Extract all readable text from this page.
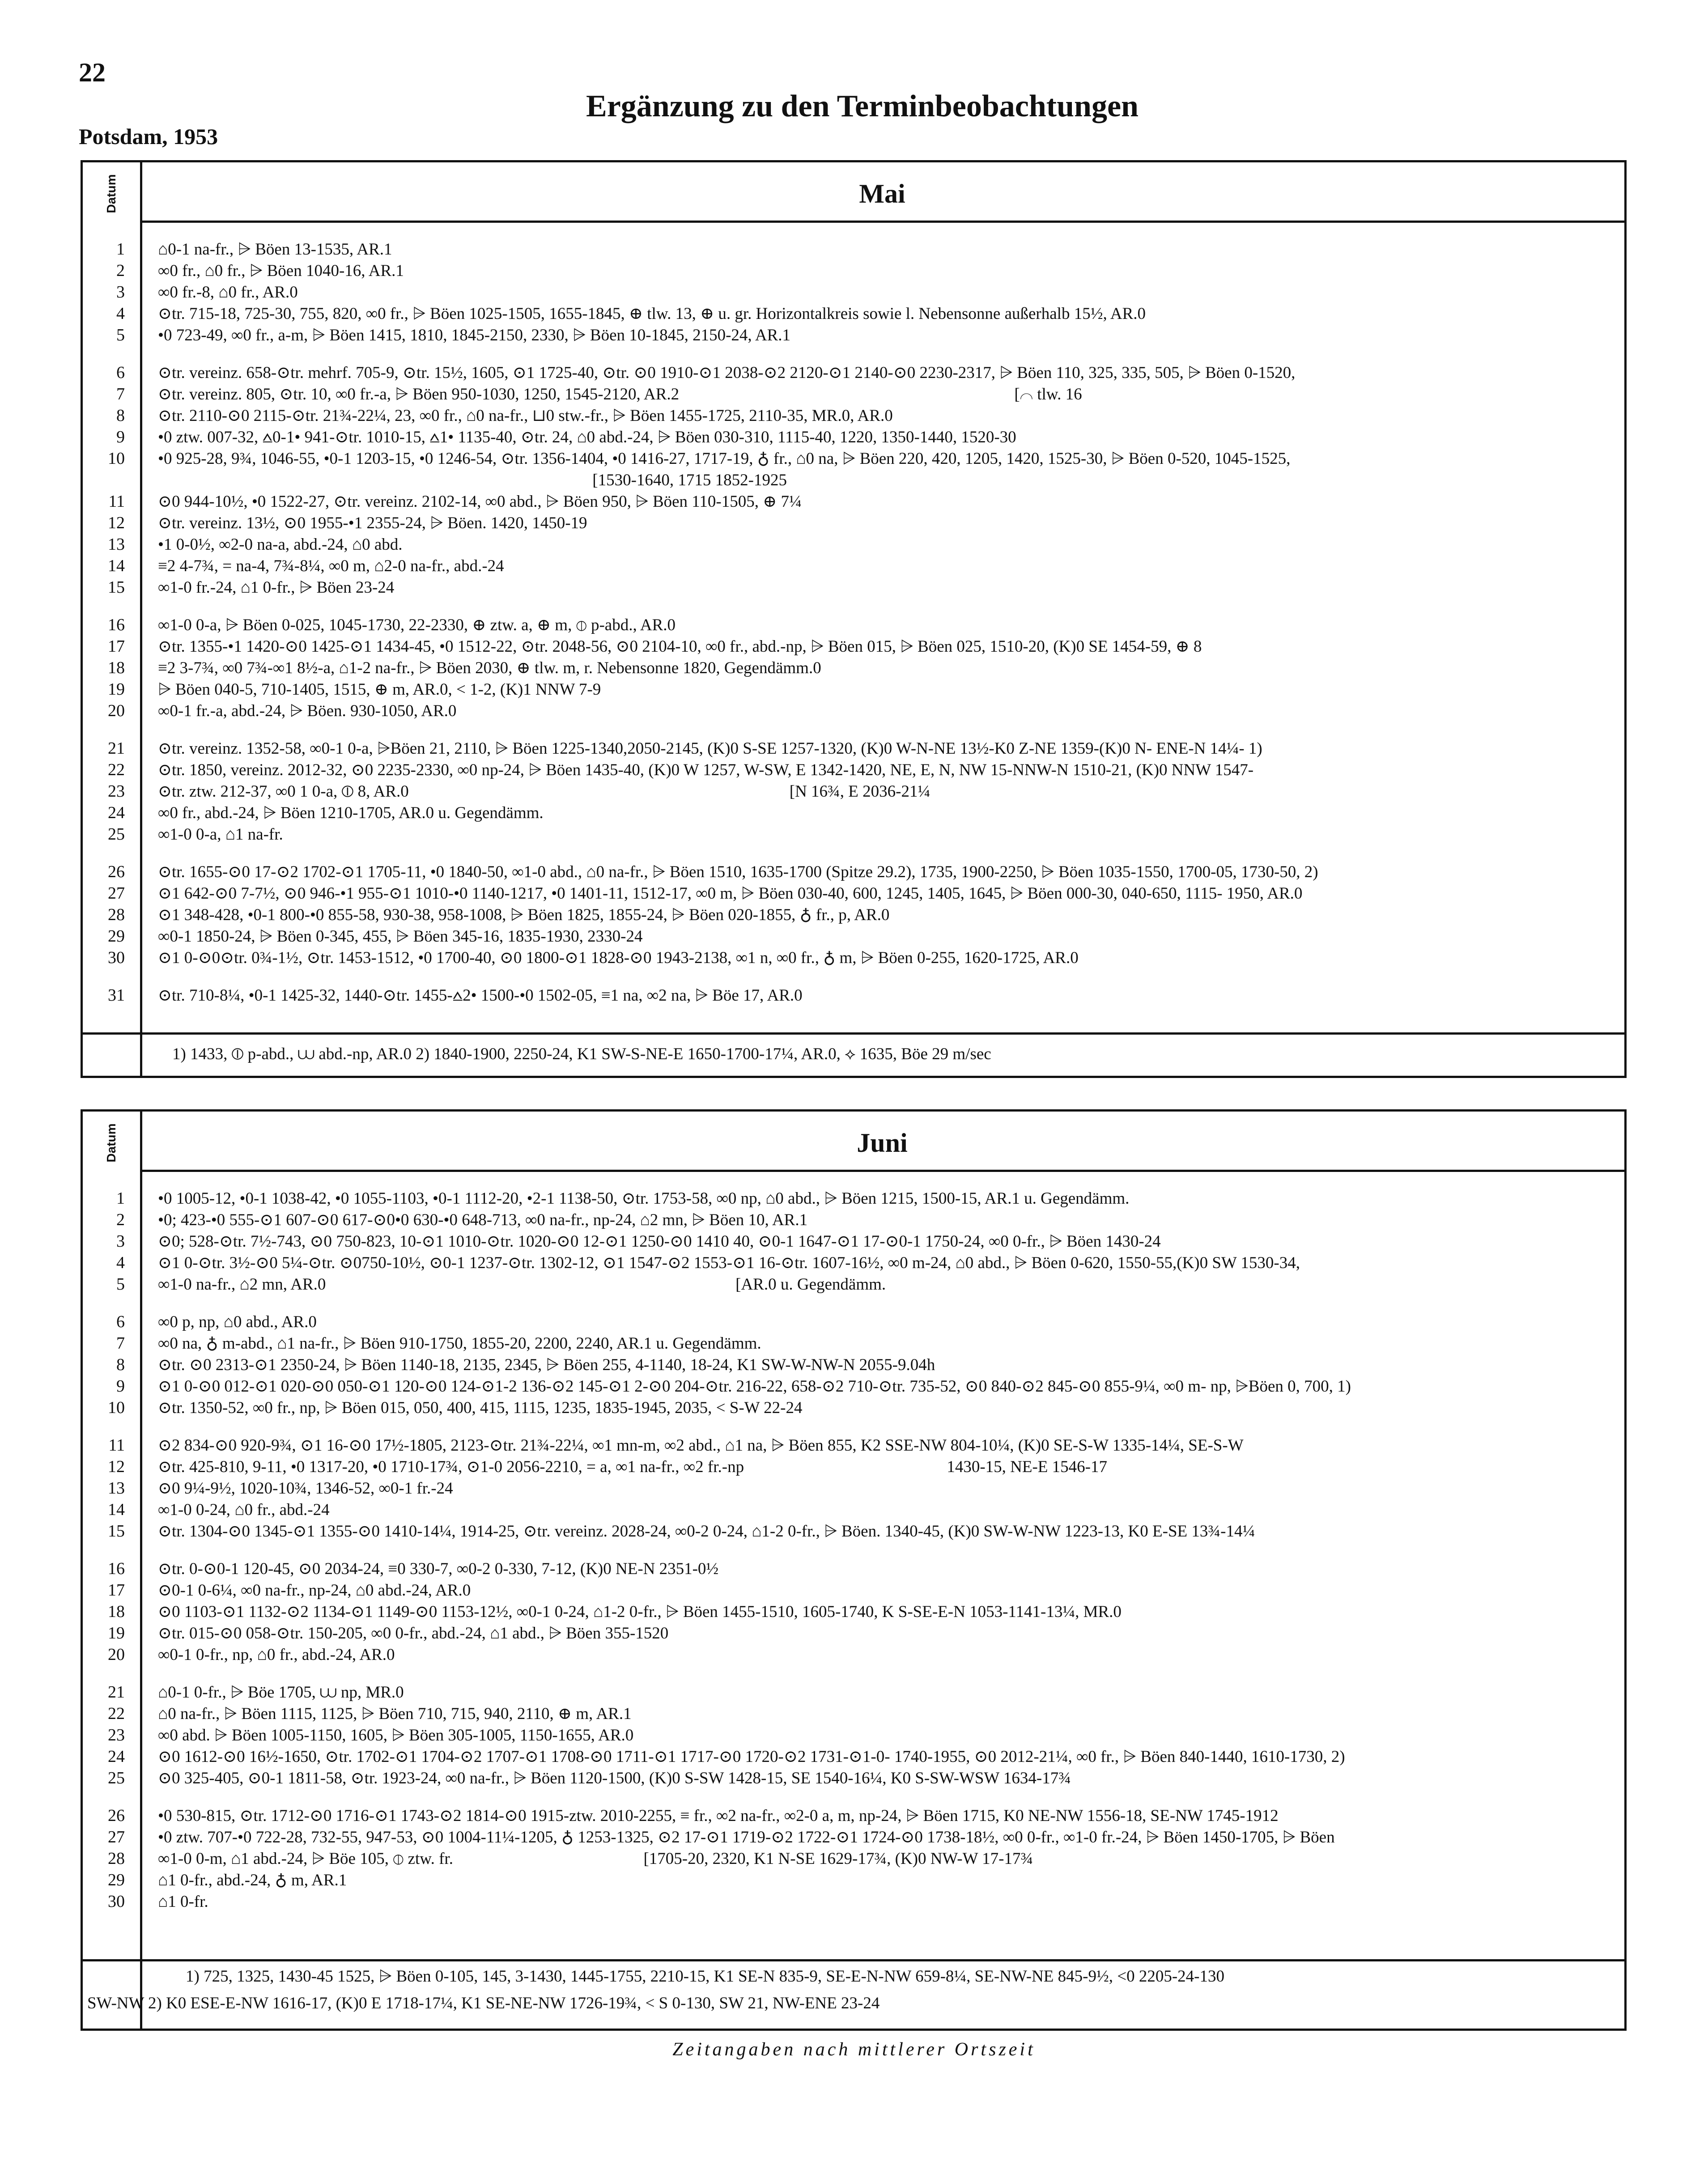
22
Potsdam, 1953
Ergänzung zu den Terminbeobachtungen
Datum	Mai
1	⌂0-1 na-fr., ⩥ Böen 13-1535, AR.1
2	∞0 fr., ⌂0 fr., ⩥ Böen 1040-16, AR.1
3	∞0 fr.-8, ⌂0 fr., AR.0
4	⊙tr. 715-18, 725-30, 755, 820, ∞0 fr., ⩥ Böen 1025-1505, 1655-1845, ⊕ tlw. 13, ⊕ u. gr. Horizontalkreis sowie l. Nebensonne außerhalb 15½, AR.0
5	•0 723-49, ∞0 fr., a-m, ⩥ Böen 1415, 1810, 1845-2150, 2330, ⩥ Böen 10-1845, 2150-24, AR.1
6	⊙tr. vereinz. 658-⊙tr. mehrf. 705-9, ⊙tr. 15½, 1605, ⊙1 1725-40, ⊙tr. ⊙0 1910-⊙1 2038-⊙2 2120-⊙1 2140-⊙0 2230-2317, ⩥ Böen 110, 325, 335, 505, ⩥ Böen 0-1520,
7	⊙tr. vereinz. 805, ⊙tr. 10, ∞0 fr.-a, ⩥ Böen 950-1030, 1250, 1545-2120, AR.2                                                                                 [⌒ tlw. 16
8	⊙tr. 2110-⊙0 2115-⊙tr. 21¾-22¼, 23, ∞0 fr., ⌂0 na-fr., ⊔0 stw.-fr., ⩥ Böen 1455-1725, 2110-35, MR.0, AR.0
9	•0 ztw. 007-32, ⩟0-1• 941-⊙tr. 1010-15, ⩟1• 1135-40, ⊙tr. 24, ⌂0 abd.-24, ⩥ Böen 030-310, 1115-40, 1220, 1350-1440, 1520-30
10	•0 925-28, 9¾, 1046-55, •0-1 1203-15, •0 1246-54, ⊙tr. 1356-1404, •0 1416-27, 1717-19, ♁ fr., ⌂0 na, ⩥ Böen 220, 420, 1205, 1420, 1525-30, ⩥ Böen 0-520, 1045-1525,
[1530-1640, 1715 1852-1925
11	⊙0 944-10½, •0 1522-27, ⊙tr. vereinz. 2102-14, ∞0 abd., ⩥ Böen 950, ⩥ Böen 110-1505, ⊕ 7¼
12	⊙tr. vereinz. 13½, ⊙0 1955-•1 2355-24, ⩥ Böen. 1420, 1450-19
13	•1 0-0½, ∞2-0 na-a, abd.-24, ⌂0 abd.
14	≡2 4-7¾, = na-4, 7¾-8¼, ∞0 m, ⌂2-0 na-fr., abd.-24
15	∞1-0 fr.-24, ⌂1 0-fr., ⩥ Böen 23-24
16	∞1-0 0-a, ⩥ Böen 0-025, 1045-1730, 22-2330, ⊕ ztw. a, ⊕ m, ⦶ p-abd., AR.0
17	⊙tr. 1355-•1 1420-⊙0 1425-⊙1 1434-45, •0 1512-22, ⊙tr. 2048-56, ⊙0 2104-10, ∞0 fr., abd.-np, ⩥ Böen 015, ⩥ Böen 025, 1510-20, (K)0 SE 1454-59, ⊕ 8
18	≡2 3-7¾, ∞0 7¾-∞1 8½-a, ⌂1-2 na-fr., ⩥ Böen 2030, ⊕ tlw. m, r. Nebensonne 1820, Gegendämm.0
19	⩥ Böen 040-5, 710-1405, 1515, ⊕ m, AR.0, < 1-2, (K)1 NNW 7-9
20	∞0-1 fr.-a, abd.-24, ⩥ Böen. 930-1050, AR.0
21	⊙tr. vereinz. 1352-58, ∞0-1 0-a, ⩥Böen 21, 2110, ⩥ Böen 1225-1340,2050-2145, (K)0 S-SE 1257-1320, (K)0 W-N-NE 13½-K0 Z-NE 1359-(K)0 N- ENE-N 14¼- 1)
22	⊙tr. 1850, vereinz. 2012-32, ⊙0 2235-2330, ∞0 np-24, ⩥ Böen 1435-40, (K)0 W 1257, W-SW, E 1342-1420, NE, E, N, NW 15-NNW-N 1510-21, (K)0 NNW 1547-
23	⊙tr. ztw. 212-37, ∞0 1 0-a, ⦶ 8, AR.0                                                                                            [N 16¾, E 2036-21¼
24	∞0 fr., abd.-24, ⩥ Böen 1210-1705, AR.0 u. Gegendämm.
25	∞1-0 0-a, ⌂1 na-fr.
26	⊙tr. 1655-⊙0 17-⊙2 1702-⊙1 1705-11, •0 1840-50, ∞1-0 abd., ⌂0 na-fr., ⩥ Böen 1510, 1635-1700 (Spitze 29.2), 1735, 1900-2250, ⩥ Böen 1035-1550, 1700-05, 1730-50, 2)
27	⊙1 642-⊙0 7-7½, ⊙0 946-•1 955-⊙1 1010-•0 1140-1217, •0 1401-11, 1512-17, ∞0 m, ⩥ Böen 030-40, 600, 1245, 1405, 1645, ⩥ Böen 000-30, 040-650, 1115- 1950, AR.0
28	⊙1 348-428, •0-1 800-•0 855-58, 930-38, 958-1008, ⩥ Böen 1825, 1855-24, ⩥ Böen 020-1855, ♁ fr., p, AR.0
29	∞0-1 1850-24, ⩥ Böen 0-345, 455, ⩥ Böen 345-16, 1835-1930, 2330-24
30	⊙1 0-⊙0⊙tr. 0¾-1½, ⊙tr. 1453-1512, •0 1700-40, ⊙0 1800-⊙1 1828-⊙0 1943-2138, ∞1 n, ∞0 fr., ♁ m, ⩥ Böen 0-255, 1620-1725, AR.0
31	⊙tr. 710-8¼, •0-1 1425-32, 1440-⊙tr. 1455-⩟2• 1500-•0 1502-05, ≡1 na, ∞2 na, ⩥ Böe 17, AR.0
1) 1433, ⦶ p-abd., ⩊ abd.-np, AR.0 2) 1840-1900, 2250-24, K1 SW-S-NE-E 1650-1700-17¼, AR.0, ⟡ 1635, Böe 29 m/sec
Datum	Juni
1	•0 1005-12, •0-1 1038-42, •0 1055-1103, •0-1 1112-20, •2-1 1138-50, ⊙tr. 1753-58, ∞0 np, ⌂0 abd., ⩥ Böen 1215, 1500-15, AR.1 u. Gegendämm.
2	•0; 423-•0 555-⊙1 607-⊙0 617-⊙0•0 630-•0 648-713, ∞0 na-fr., np-24, ⌂2 mn, ⩥ Böen 10, AR.1
3	⊙0; 528-⊙tr. 7½-743, ⊙0 750-823, 10-⊙1 1010-⊙tr. 1020-⊙0 12-⊙1 1250-⊙0 1410 40, ⊙0-1 1647-⊙1 17-⊙0-1 1750-24, ∞0 0-fr., ⩥ Böen 1430-24
4	⊙1 0-⊙tr. 3½-⊙0 5¼-⊙tr. ⊙0750-10½, ⊙0-1 1237-⊙tr. 1302-12, ⊙1 1547-⊙2 1553-⊙1 16-⊙tr. 1607-16½, ∞0 m-24, ⌂0 abd., ⩥ Böen 0-620, 1550-55,(K)0 SW 1530-34,
5	∞1-0 na-fr., ⌂2 mn, AR.0                                                                                                   [AR.0 u. Gegendämm.
6	∞0 p, np, ⌂0 abd., AR.0
7	∞0 na, ♁ m-abd., ⌂1 na-fr., ⩥ Böen 910-1750, 1855-20, 2200, 2240, AR.1 u. Gegendämm.
8	⊙tr. ⊙0 2313-⊙1 2350-24, ⩥ Böen 1140-18, 2135, 2345, ⩥ Böen 255, 4-1140, 18-24, K1 SW-W-NW-N 2055-9.04h
9	⊙1 0-⊙0 012-⊙1 020-⊙0 050-⊙1 120-⊙0 124-⊙1-2 136-⊙2 145-⊙1 2-⊙0 204-⊙tr. 216-22, 658-⊙2 710-⊙tr. 735-52, ⊙0 840-⊙2 845-⊙0 855-9¼, ∞0 m- np, ⩥Böen 0, 700, 1)
10	⊙tr. 1350-52, ∞0 fr., np, ⩥ Böen 015, 050, 400, 415, 1115, 1235, 1835-1945, 2035, < S-W 22-24
11	⊙2 834-⊙0 920-9¾, ⊙1 16-⊙0 17½-1805, 2123-⊙tr. 21¾-22¼, ∞1 mn-m, ∞2 abd., ⌂1 na, ⩥ Böen 855, K2 SSE-NW 804-10¼, (K)0 SE-S-W 1335-14¼, SE-S-W
12	⊙tr. 425-810, 9-11, •0 1317-20, •0 1710-17¾, ⊙1-0 2056-2210, = a, ∞1 na-fr., ∞2 fr.-np                                                 1430-15, NE-E 1546-17
13	⊙0 9¼-9½, 1020-10¾, 1346-52, ∞0-1 fr.-24
14	∞1-0 0-24, ⌂0 fr., abd.-24
15	⊙tr. 1304-⊙0 1345-⊙1 1355-⊙0 1410-14¼, 1914-25, ⊙tr. vereinz. 2028-24, ∞0-2 0-24, ⌂1-2 0-fr., ⩥ Böen. 1340-45, (K)0 SW-W-NW 1223-13, K0 E-SE 13¾-14¼
16	⊙tr. 0-⊙0-1 120-45, ⊙0 2034-24, ≡0 330-7, ∞0-2 0-330, 7-12, (K)0 NE-N 2351-0½
17	⊙0-1 0-6¼, ∞0 na-fr., np-24, ⌂0 abd.-24, AR.0
18	⊙0 1103-⊙1 1132-⊙2 1134-⊙1 1149-⊙0 1153-12½, ∞0-1 0-24, ⌂1-2 0-fr., ⩥ Böen 1455-1510, 1605-1740, K S-SE-E-N 1053-1141-13¼, MR.0
19	⊙tr. 015-⊙0 058-⊙tr. 150-205, ∞0 0-fr., abd.-24, ⌂1 abd., ⩥ Böen 355-1520
20	∞0-1 0-fr., np, ⌂0 fr., abd.-24, AR.0
21	⌂0-1 0-fr., ⩥ Böe 1705, ⩊ np, MR.0
22	⌂0 na-fr., ⩥ Böen 1115, 1125, ⩥ Böen 710, 715, 940, 2110, ⊕ m, AR.1
23	∞0 abd. ⩥ Böen 1005-1150, 1605, ⩥ Böen 305-1005, 1150-1655, AR.0
24	⊙0 1612-⊙0 16½-1650, ⊙tr. 1702-⊙1 1704-⊙2 1707-⊙1 1708-⊙0 1711-⊙1 1717-⊙0 1720-⊙2 1731-⊙1-0- 1740-1955, ⊙0 2012-21¼, ∞0 fr., ⩥ Böen 840-1440, 1610-1730, 2)
25	⊙0 325-405, ⊙0-1 1811-58, ⊙tr. 1923-24, ∞0 na-fr., ⩥ Böen 1120-1500, (K)0 S-SW 1428-15, SE 1540-16¼, K0 S-SW-WSW 1634-17¾
26	•0 530-815, ⊙tr. 1712-⊙0 1716-⊙1 1743-⊙2 1814-⊙0 1915-ztw. 2010-2255, ≡ fr., ∞2 na-fr., ∞2-0 a, m, np-24, ⩥ Böen 1715, K0 NE-NW 1556-18, SE-NW 1745-1912
27	•0 ztw. 707-•0 722-28, 732-55, 947-53, ⊙0 1004-11¼-1205, ♁ 1253-1325, ⊙2 17-⊙1 1719-⊙2 1722-⊙1 1724-⊙0 1738-18½, ∞0 0-fr., ∞1-0 fr.-24, ⩥ Böen 1450-1705, ⩥ Böen
28	∞1-0 0-m, ⌂1 abd.-24, ⩥ Böe 105, ⦶ ztw. fr.                                              [1705-20, 2320, K1 N-SE 1629-17¾, (K)0 NW-W 17-17¾
29	⌂1 0-fr., abd.-24, ♁ m, AR.1
30	⌂1 0-fr.
1) 725, 1325, 1430-45 1525, ⩥ Böen 0-105, 145, 3-1430, 1445-1755, 2210-15, K1 SE-N 835-9, SE-E-N-NW 659-8¼, SE-NW-NE 845-9½, <0 2205-24-130
SW-NW 2) K0 ESE-E-NW 1616-17, (K)0 E 1718-17¼, K1 SE-NE-NW 1726-19¾, < S 0-130, SW 21, NW-ENE 23-24
Zeitangaben nach mittlerer Ortszeit
